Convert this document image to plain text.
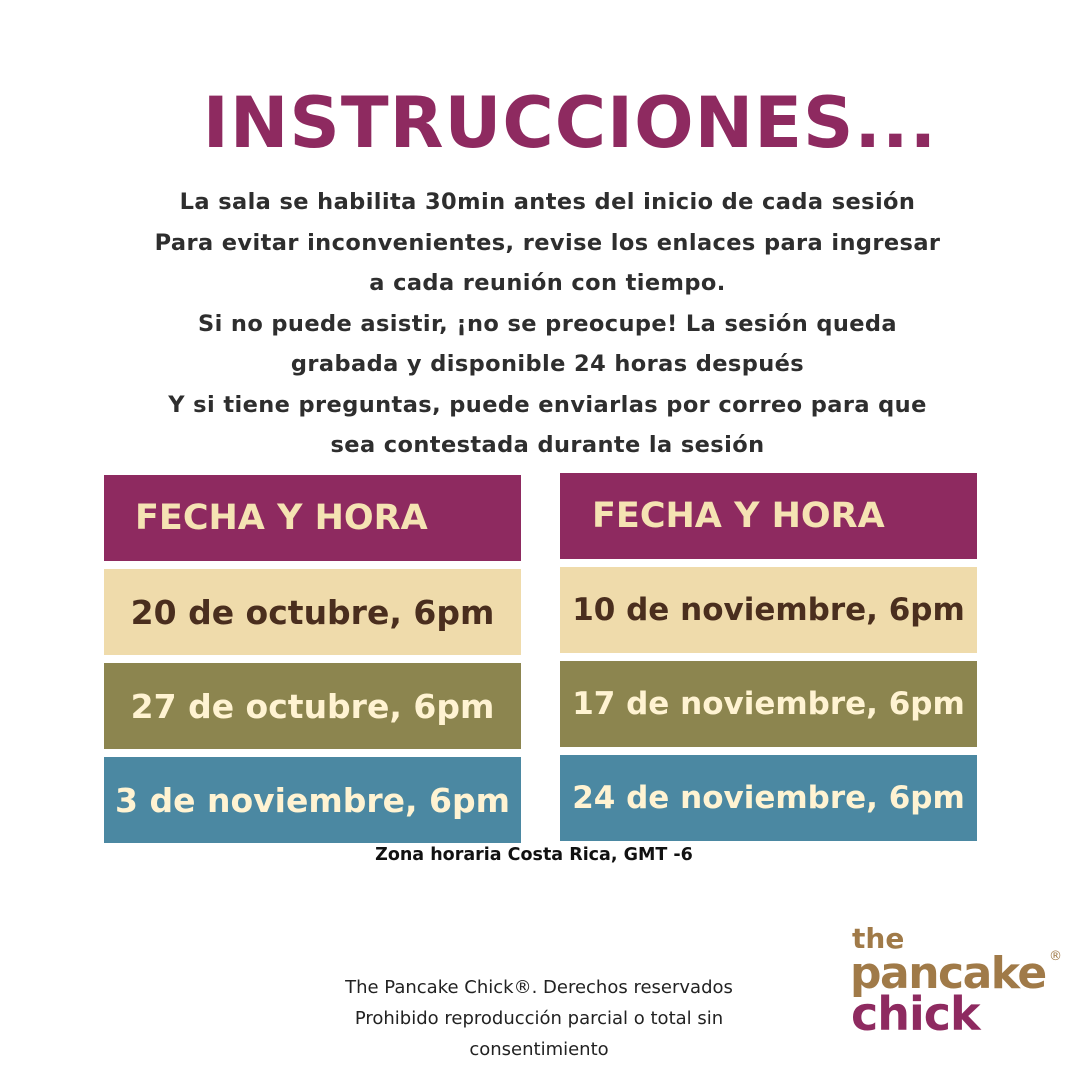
INSTRUCCIONES...
La sala se habilita 30min antes del inicio de cada sesión
Para evitar inconvenientes, revise los enlaces para ingresar
a cada reunión con tiempo.
Si no puede asistir, ¡no se preocupe! La sesión queda
grabada y disponible 24 horas después
Y si tiene preguntas, puede enviarlas por correo para que
sea contestada durante la sesión
FECHA Y HORA
20 de octubre, 6pm
27 de octubre, 6pm
3 de noviembre, 6pm
FECHA Y HORA
10 de noviembre, 6pm
17 de noviembre, 6pm
24 de noviembre, 6pm
Zona horaria Costa Rica, GMT -6
The Pancake Chick®. Derechos reservados
Prohibido reproducción parcial o total sin
consentimiento
the
pancake ®
chick
